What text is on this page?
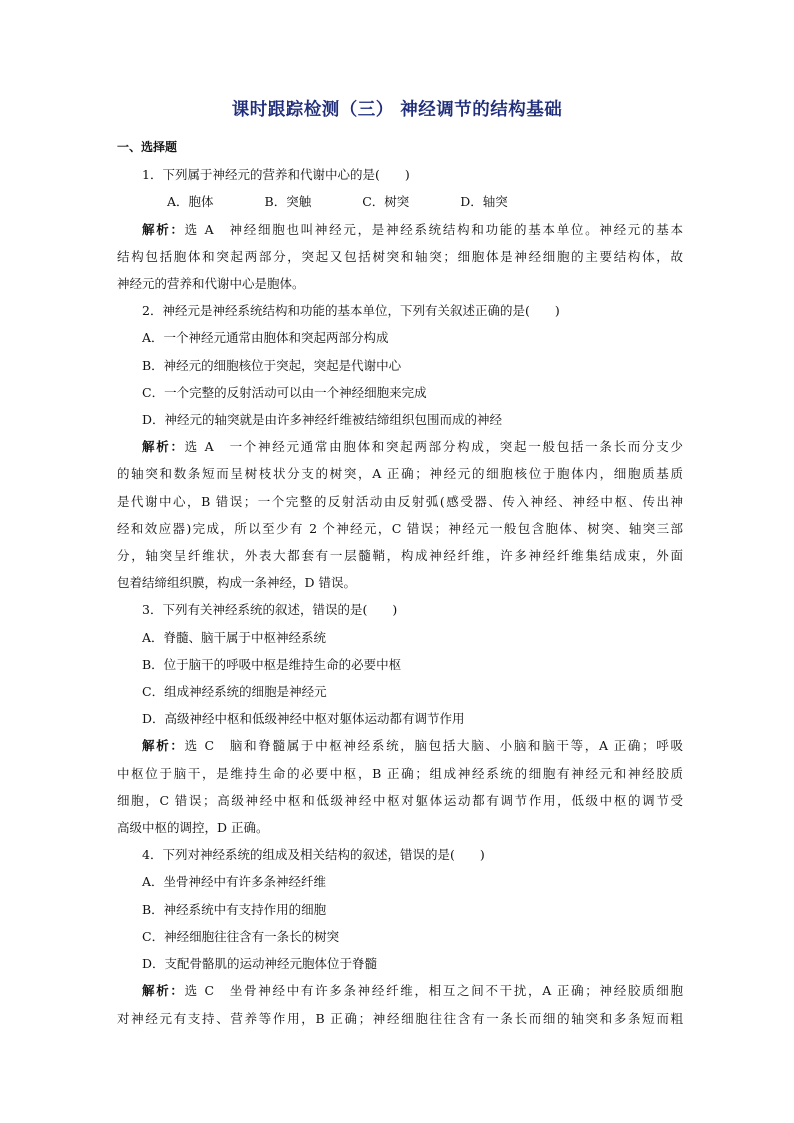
课时跟踪检测（三） 神经调节的结构基础
一、选择题
1．下列属于神经元的营养和代谢中心的是(　　)
A．胞体	B．突触	C．树突	D．轴突
解析：选 A　神经细胞也叫神经元，是神经系统结构和功能的基本单位。神经元的基本
结构包括胞体和突起两部分，突起又包括树突和轴突；细胞体是神经细胞的主要结构体，故
神经元的营养和代谢中心是胞体。
2．神经元是神经系统结构和功能的基本单位，下列有关叙述正确的是(　　)
A．一个神经元通常由胞体和突起两部分构成
B．神经元的细胞核位于突起，突起是代谢中心
C．一个完整的反射活动可以由一个神经细胞来完成
D．神经元的轴突就是由许多神经纤维被结缔组织包围而成的神经
解析：选 A　一个神经元通常由胞体和突起两部分构成，突起一般包括一条长而分支少
的轴突和数条短而呈树枝状分支的树突，A 正确；神经元的细胞核位于胞体内，细胞质基质
是代谢中心，B 错误；一个完整的反射活动由反射弧(感受器、传入神经、神经中枢、传出神
经和效应器)完成，所以至少有 2 个神经元，C 错误；神经元一般包含胞体、树突、轴突三部
分，轴突呈纤维状，外表大都套有一层髓鞘，构成神经纤维，许多神经纤维集结成束，外面
包着结缔组织膜，构成一条神经，D 错误。
3．下列有关神经系统的叙述，错误的是(　　)
A．脊髓、脑干属于中枢神经系统
B．位于脑干的呼吸中枢是维持生命的必要中枢
C．组成神经系统的细胞是神经元
D．高级神经中枢和低级神经中枢对躯体运动都有调节作用
解析：选 C　脑和脊髓属于中枢神经系统，脑包括大脑、小脑和脑干等，A 正确；呼吸
中枢位于脑干，是维持生命的必要中枢，B 正确；组成神经系统的细胞有神经元和神经胶质
细胞，C 错误；高级神经中枢和低级神经中枢对躯体运动都有调节作用，低级中枢的调节受
高级中枢的调控，D 正确。
4．下列对神经系统的组成及相关结构的叙述，错误的是(　　)
A．坐骨神经中有许多条神经纤维
B．神经系统中有支持作用的细胞
C．神经细胞往往含有一条长的树突
D．支配骨骼肌的运动神经元胞体位于脊髓
解析：选 C　坐骨神经中有许多条神经纤维，相互之间不干扰，A 正确；神经胶质细胞
对神经元有支持、营养等作用，B 正确；神经细胞往往含有一条长而细的轴突和多条短而粗
